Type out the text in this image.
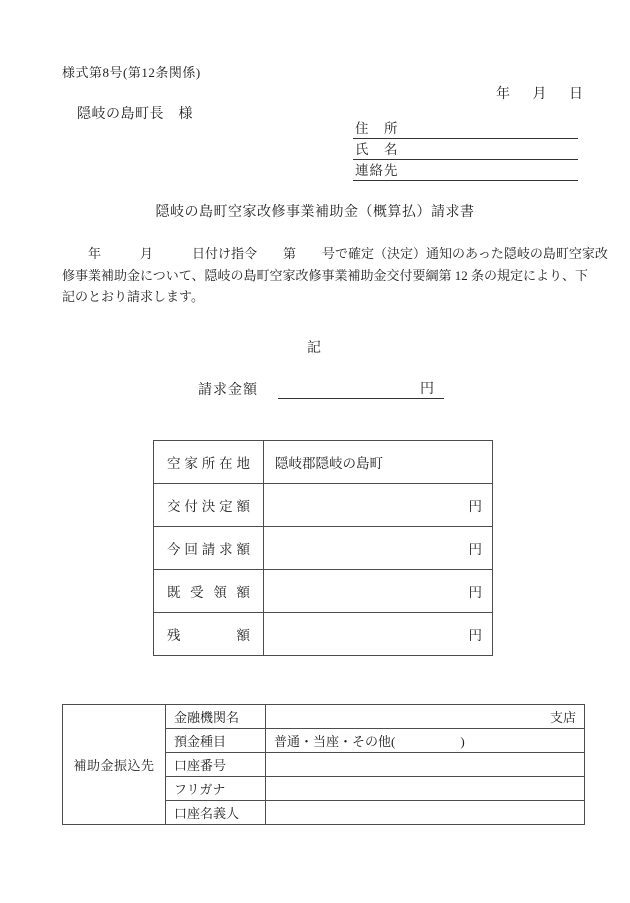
様式第8号(第12条関係)
年 月 日
隠岐の島町長　様
住　所
氏　名
連絡先
隠岐の島町空家改修事業補助金（概算払）請求書
　　年　　　月　　　日付け指令　　第　　号で確定（決定）通知のあった隠岐の島町空家改
修事業補助金について、隠岐の島町空家改修事業補助金交付要綱第 12 条の規定により、下
記のとおり請求します。
記
請求金額	円
空 家 所 在 地	隠岐郡隠岐の島町

交 付 決 定 額	円

今 回 請 求 額	円

既 受 領 額	円

残 額	円
補助金振込先	金融機関名	支店
	預金種目	普通・当座・その他(　　　　　)
	口座番号	
	フリガナ	
	口座名義人	
